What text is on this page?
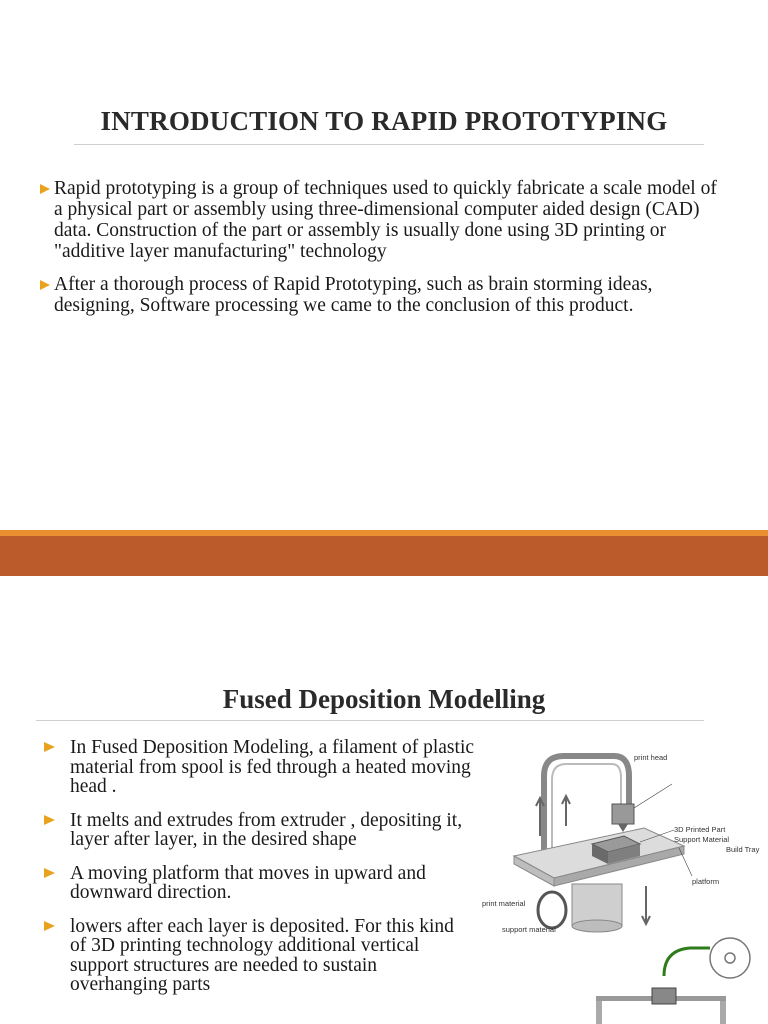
INTRODUCTION TO RAPID PROTOTYPING
Rapid prototyping is a group of techniques used to quickly fabricate a scale model of a physical part or assembly using three-dimensional computer aided design (CAD) data. Construction of the part or assembly is usually done using 3D printing or "additive layer manufacturing" technology
After a thorough process of Rapid Prototyping, such as brain storming ideas, designing, Software processing we came to the conclusion of this product.
Fused Deposition Modelling
In Fused Deposition Modeling, a filament of plastic material from spool is fed through a heated moving head .
It melts and extrudes from extruder , depositing it, layer after layer, in the desired shape
A moving platform that moves in upward and downward direction.
lowers after each layer is deposited. For this kind of 3D printing technology additional vertical support structures are needed to sustain overhanging parts
print head
3D Printed Part
Support Material
Build Tray
platform
print material
support material
